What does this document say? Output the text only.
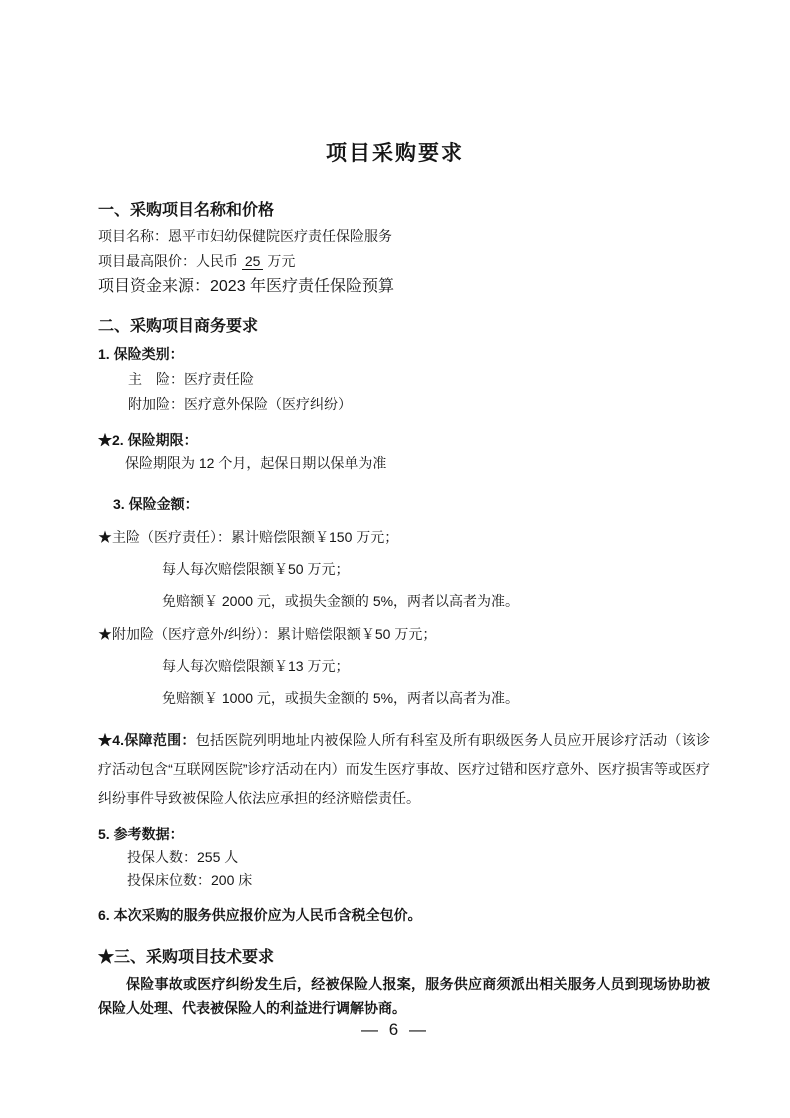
项目采购要求
一、采购项目名称和价格
项目名称：恩平市妇幼保健院医疗责任保险服务
项目最高限价：人民币 25 万元
项目资金来源：2023 年医疗责任保险预算
二、采购项目商务要求
1. 保险类别：
主　险：医疗责任险
附加险：医疗意外保险（医疗纠纷）
★2. 保险期限：
保险期限为 12 个月，起保日期以保单为准
3. 保险金额：
★主险（医疗责任）：累计赔偿限额￥150 万元；
每人每次赔偿限额￥50 万元；
免赔额￥ 2000 元，或损失金额的 5%，两者以高者为准。
★附加险（医疗意外/纠纷）：累计赔偿限额￥50 万元；
每人每次赔偿限额￥13 万元；
免赔额￥ 1000 元，或损失金额的 5%，两者以高者为准。
★4.保障范围：包括医院列明地址内被保险人所有科室及所有职级医务人员应开展诊疗活动（该诊疗活动包含“互联网医院”诊疗活动在内）而发生医疗事故、医疗过错和医疗意外、医疗损害等或医疗纠纷事件导致被保险人依法应承担的经济赔偿责任。
5. 参考数据：
投保人数：255 人
投保床位数：200 床
6. 本次采购的服务供应报价应为人民币含税全包价。
★三、采购项目技术要求
保险事故或医疗纠纷发生后，经被保险人报案，服务供应商须派出相关服务人员到现场协助被保险人处理、代表被保险人的利益进行调解协商。
— 6 —
